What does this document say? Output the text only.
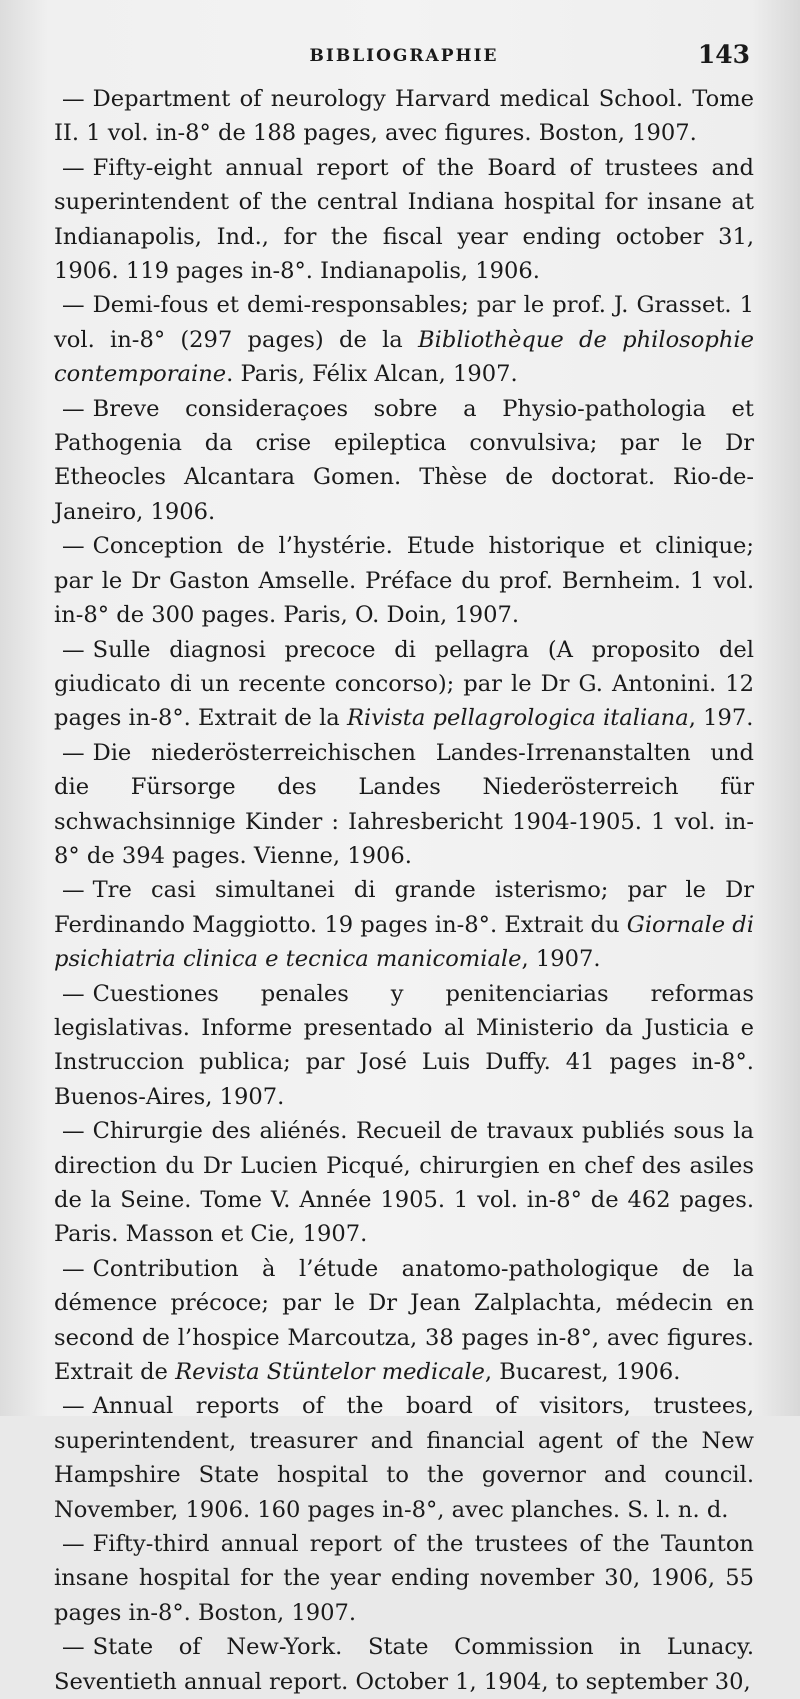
BIBLIOGRAPHIE	143

— Department of neurology Harvard medical School. Tome II. 1 vol. in-8° de 188 pages, avec figures. Boston, 1907.

— Fifty-eight annual report of the Board of trustees and superintendent of the central Indiana hospital for insane at Indianapolis, Ind., for the fiscal year ending october 31, 1906. 119 pages in-8°. Indianapolis, 1906.

— Demi-fous et demi-responsables; par le prof. J. Grasset. 1 vol. in-8° (297 pages) de la Bibliothèque de philosophie contemporaine. Paris, Félix Alcan, 1907.

— Breve consideraçoes sobre a Physio-pathologia et Pathogenia da crise epileptica convulsiva; par le Dr Etheocles Alcantara Gomen. Thèse de doctorat. Rio-de-Janeiro, 1906.

— Conception de l’hystérie. Etude historique et clinique; par le Dr Gaston Amselle. Préface du prof. Bernheim. 1 vol. in-8° de 300 pages. Paris, O. Doin, 1907.

— Sulle diagnosi precoce di pellagra (A proposito del giudicato di un recente concorso); par le Dr G. Antonini. 12 pages in-8°. Extrait de la Rivista pellagrologica italiana, 197.

— Die niederösterreichischen Landes-Irrenanstalten und die Fürsorge des Landes Niederösterreich für schwachsinnige Kinder : Iahresbericht 1904-1905. 1 vol. in-8° de 394 pages. Vienne, 1906.

— Tre casi simultanei di grande isterismo; par le Dr Ferdinando Maggiotto. 19 pages in-8°. Extrait du Giornale di psichiatria clinica e tecnica manicomiale, 1907.

— Cuestiones penales y penitenciarias reformas legislativas. Informe presentado al Ministerio da Justicia e Instruccion publica; par José Luis Duffy. 41 pages in-8°. Buenos-Aires, 1907.

— Chirurgie des aliénés. Recueil de travaux publiés sous la direction du Dr Lucien Picqué, chirurgien en chef des asiles de la Seine. Tome V. Année 1905. 1 vol. in-8° de 462 pages. Paris. Masson et Cie, 1907.

— Contribution à l’étude anatomo-pathologique de la démence précoce; par le Dr Jean Zalplachta, médecin en second de l’hospice Marcoutza, 38 pages in-8°, avec figures. Extrait de Revista Stüntelor medicale, Bucarest, 1906.

— Annual reports of the board of visitors, trustees, superintendent, treasurer and financial agent of the New Hampshire State hospital to the governor and council. November, 1906. 160 pages in-8°, avec planches. S. l. n. d.

— Fifty-third annual report of the trustees of the Taunton insane hospital for the year ending november 30, 1906, 55 pages in-8°. Boston, 1907.

— State of New-York. State Commission in Lunacy. Seventieth annual report. October 1, 1904, to september 30,
